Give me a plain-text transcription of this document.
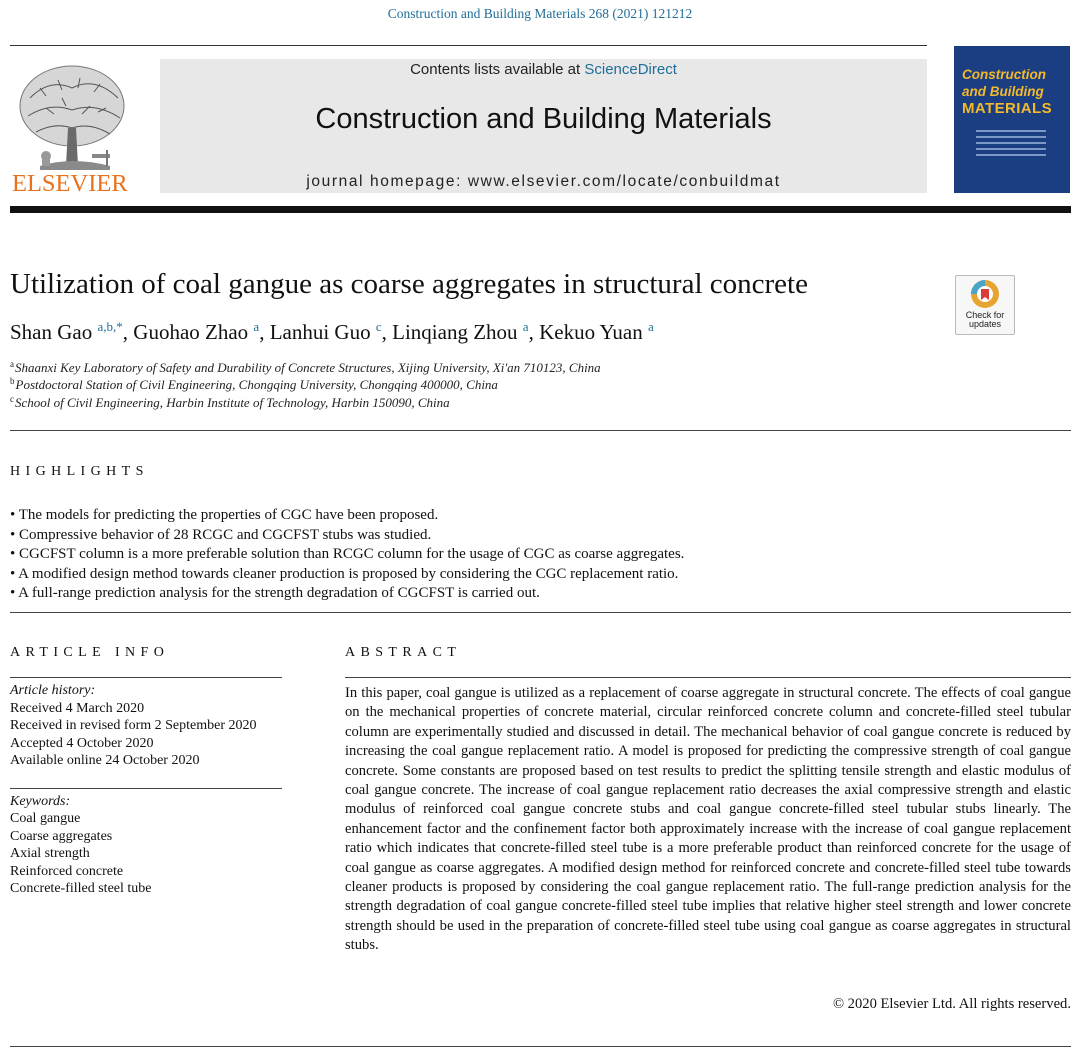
Construction and Building Materials 268 (2021) 121212
ELSEVIER
Contents lists available at ScienceDirect
Construction and Building Materials
journal homepage: www.elsevier.com/locate/conbuildmat
Construction
and Building
MATERIALS
Utilization of coal gangue as coarse aggregates in structural concrete
Check for
updates
Shan Gao $^{a,b,*}$, Guohao Zhao $^a$, Lanhui Guo $^c$, Linqiang Zhou $^a$, Kekuo Yuan $^a$
$^a$Shaanxi Key Laboratory of Safety and Durability of Concrete Structures, Xijing University, Xi'an 710123, China
$^b$Postdoctoral Station of Civil Engineering, Chongqing University, Chongqing 400000, China
$^c$School of Civil Engineering, Harbin Institute of Technology, Harbin 150090, China
HIGHLIGHTS
• The models for predicting the properties of CGC have been proposed.
• Compressive behavior of 28 RCGC and CGCFST stubs was studied.
• CGCFST column is a more preferable solution than RCGC column for the usage of CGC as coarse aggregates.
• A modified design method towards cleaner production is proposed by considering the CGC replacement ratio.
• A full-range prediction analysis for the strength degradation of CGCFST is carried out.
ARTICLE INFO
Article history:
Received 4 March 2020
Received in revised form 2 September 2020
Accepted 4 October 2020
Available online 24 October 2020
Keywords:
Coal gangue
Coarse aggregates
Axial strength
Reinforced concrete
Concrete-filled steel tube
ABSTRACT
In this paper, coal gangue is utilized as a replacement of coarse aggregate in structural concrete. The effects of coal gangue on the mechanical properties of concrete material, circular reinforced concrete column and concrete-filled steel tubular column are experimentally studied and discussed in detail. The mechanical behavior of coal gangue concrete is reduced by increasing the coal gangue replacement ratio. A model is proposed for predicting the compressive strength of coal gangue concrete. Some constants are proposed based on test results to predict the splitting tensile strength and elastic modulus of coal gangue concrete. The increase of coal gangue replacement ratio decreases the axial compressive strength and elastic modulus of reinforced coal gangue concrete stubs and coal gangue concrete-filled steel tubular stubs linearly. The enhancement factor and the confinement factor both approximately increase with the increase of coal gangue replacement ratio which indicates that concrete-filled steel tube is a more preferable product than reinforced concrete for the usage of coal gangue as coarse aggregates. A modified design method for reinforced concrete and concrete-filled steel tube towards cleaner products is proposed by considering the coal gangue replacement ratio. The full-range prediction analysis for the strength degradation of coal gangue concrete-filled steel tube implies that relative higher steel strength and lower concrete strength should be used in the preparation of concrete-filled steel tube using coal gangue as coarse aggregates in structural stubs.
© 2020 Elsevier Ltd. All rights reserved.
